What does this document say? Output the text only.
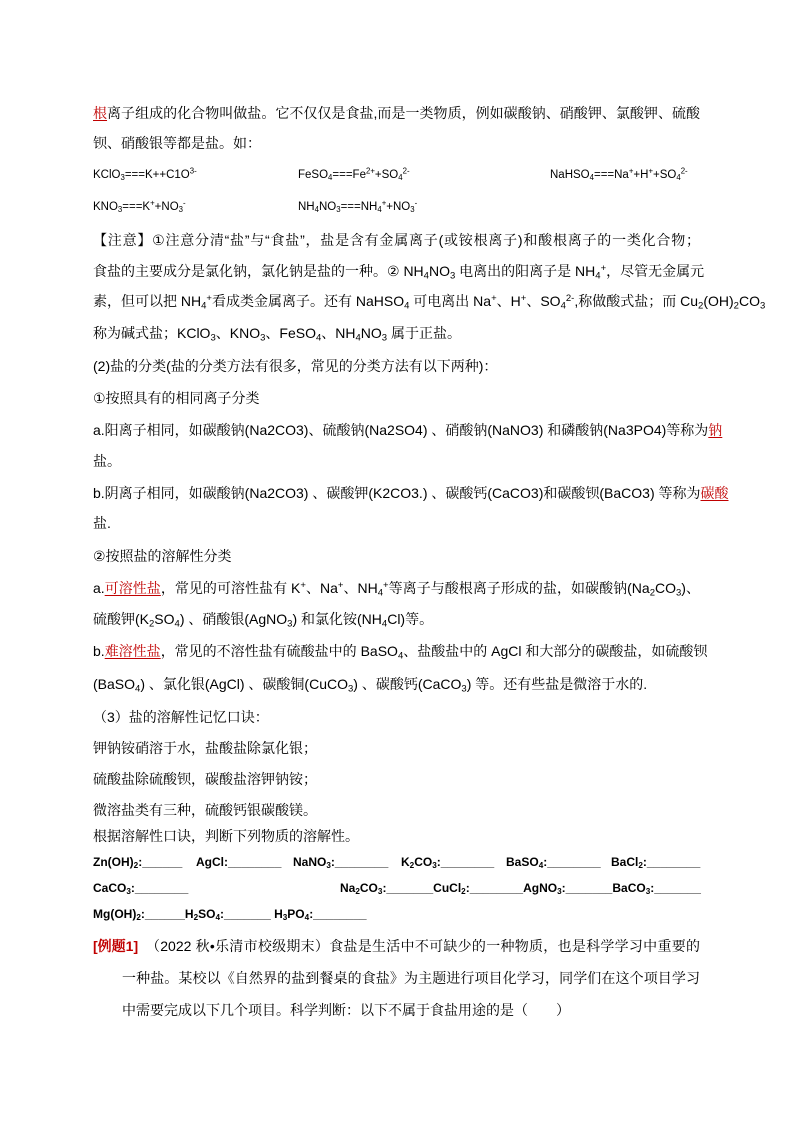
根离子组成的化合物叫做盐。它不仅仅是食盐,而是一类物质，例如碳酸钠、硝酸钾、氯酸钾、硫酸
钡、硝酸银等都是盐。如：
$KClO_3===K++C1O^{3-}$	$FeSO_4===Fe^{2+}+SO_4^{2-}$	$NaHSO_4===Na^++H^++SO_4^{2-}$
$KNO_3===K^++NO_3^-$	$NH_4NO_3===NH_4^++NO_3^-$
【注意】①注意分清“盐”与“食盐”，盐是含有金属离子(或铵根离子)和酸根离子的一类化合物；
食盐的主要成分是氯化钠，氯化钠是盐的一种。② $NH_4NO_3$ 电离出的阳离子是 $NH_4^+$，尽管无金属元
素，但可以把 $NH_4^+$看成类金属离子。还有 NaHSO$_4$ 可电离出 Na+、H+、$SO_4^{2-}$,称做酸式盐；而 $Cu_2(OH)_2CO_3$
称为碱式盐；KClO$_3$、$KNO_3$、FeSO$_4$、$NH_4NO_3$ 属于正盐。
(2)盐的分类(盐的分类方法有很多，常见的分类方法有以下两种)：
①按照具有的相同离子分类
a.阳离子相同，如碳酸钠(Na2CO3)、硫酸钠(Na2SO4) 、硝酸钠(NaNO3) 和磷酸钠(Na3PO4)等称为钠
盐。
b.阴离子相同，如碳酸钠(Na2CO3) 、碳酸钾(K2CO3.) 、碳酸钙(CaCO3)和碳酸钡(BaCO3) 等称为碳酸
盐.
②按照盐的溶解性分类
a.可溶性盐，常见的可溶性盐有 K+、Na+、$NH_4^+$等离子与酸根离子形成的盐，如碳酸钠$(Na_2CO_3)$、
硫酸钾$(K_2SO_4)$ 、硝酸银(AgNO$_3$) 和氯化铵$(NH_4Cl)$等。
b.难溶性盐，常见的不溶性盐有硫酸盐中的 BaSO$_4$、盐酸盐中的 AgCl 和大部分的碳酸盐，如硫酸钡
(BaSO$_4$) 、氯化银(AgCl) 、碳酸铜(CuCO$_3$) 、碳酸钙(CaCO$_3$) 等。还有些盐是微溶于水的.
（3）盐的溶解性记忆口诀：
钾钠铵硝溶于水，盐酸盐除氯化银；
硫酸盐除硫酸钡，碳酸盐溶钾钠铵；
微溶盐类有三种，硫酸钙银碳酸镁。
根据溶解性口诀，判断下列物质的溶解性。
$Zn(OH)_2:\_\_\_\_\_\_$ AgCl:________ NaNO$_3$:________ $K_2CO_3:\_\_\_\_\_\_\_\_$ BaSO$_4$:________ BaCl$_2$:________
CaCO$_3$:________	$Na_2CO_3:\_\_\_\_\_\_\_CuCl_2:\_\_\_\_\_\_\_\_AgNO_3:\_\_\_\_\_\_\_BaCO_3:\_\_\_\_\_\_\_$
$Mg(OH)_2:\_\_\_\_\_\_H_2SO_4:\_\_\_\_\_\_\_$ $H_3PO_4:\_\_\_\_\_\_\_\_$
[例题1] （2022 秋•乐清市校级期末）食盐是生活中不可缺少的一种物质，也是科学学习中重要的
一种盐。某校以《自然界的盐到餐桌的食盐》为主题进行项目化学习，同学们在这个项目学习
中需要完成以下几个项目。科学判断：以下不属于食盐用途的是（　　）
